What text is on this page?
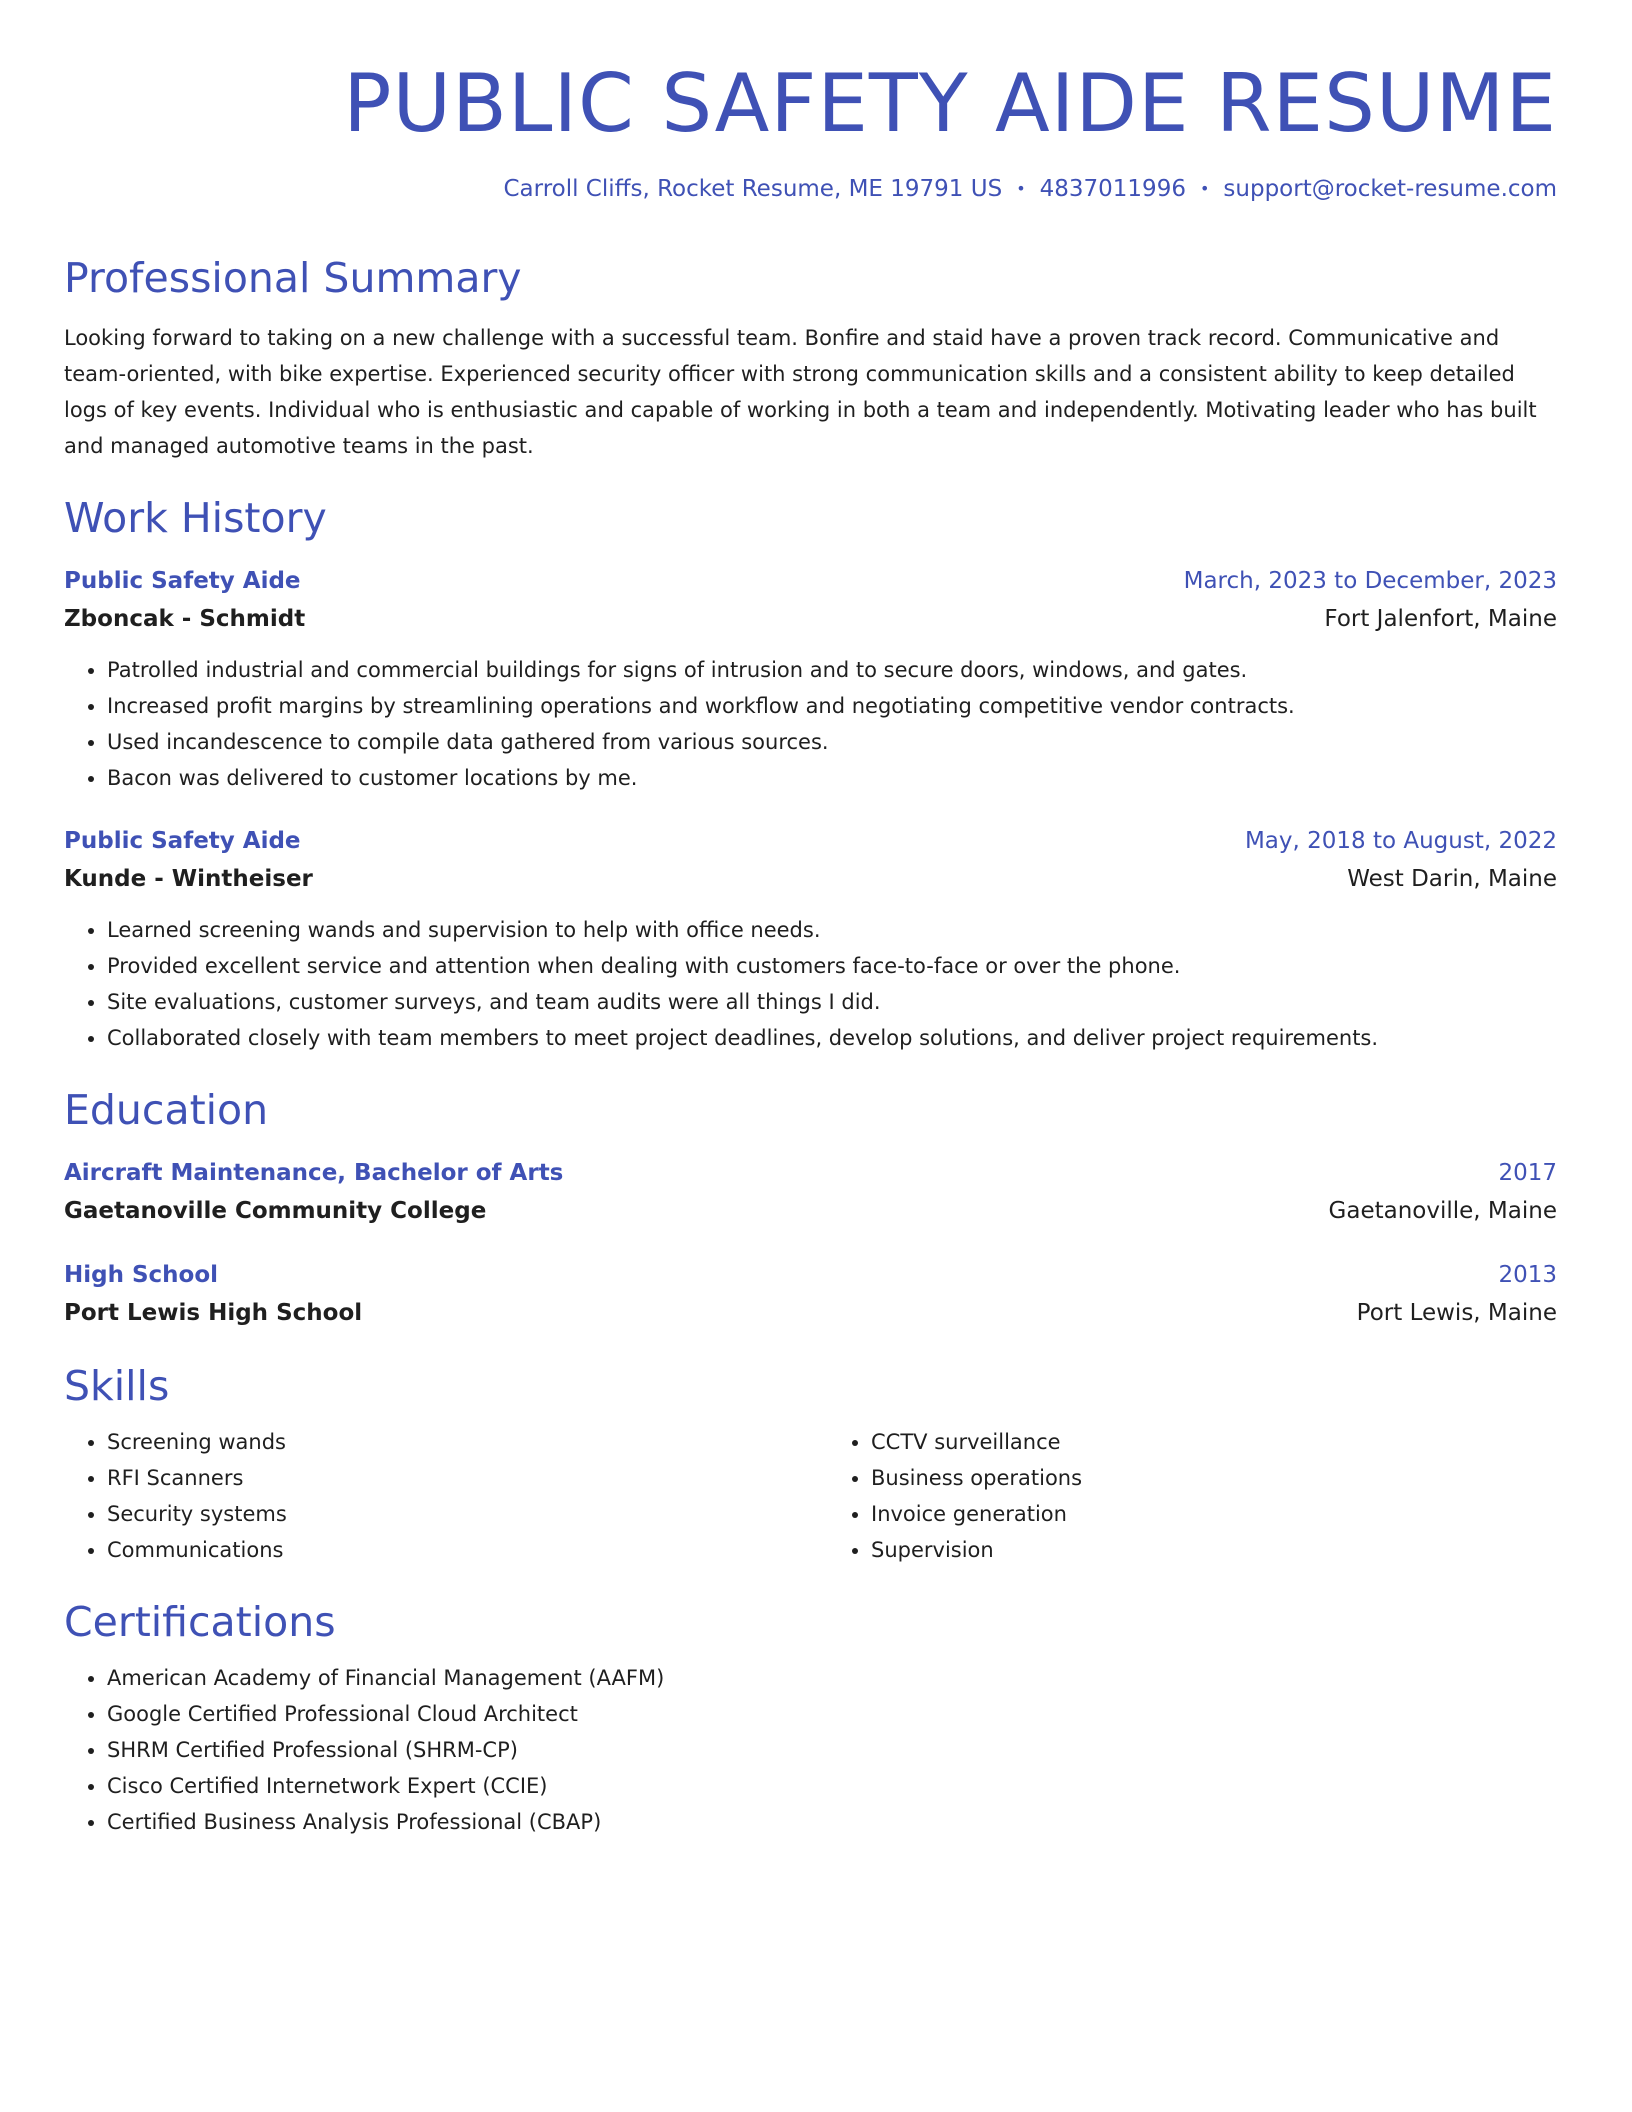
PUBLIC SAFETY AIDE RESUME
Carroll Cliffs, Rocket Resume, ME 19791 US • 4837011996 • support@rocket-resume.com
Professional Summary

Looking forward to taking on a new challenge with a successful team. Bonfire and staid have a proven track record. Communicative and team-oriented, with bike expertise. Experienced security officer with strong communication skills and a consistent ability to keep detailed logs of key events. Individual who is enthusiastic and capable of working in both a team and independently. Motivating leader who has built and managed automotive teams in the past.

Work History
Public Safety Aide	March, 2023 to December, 2023
Zboncak - Schmidt	Fort Jalenfort, Maine
• Patrolled industrial and commercial buildings for signs of intrusion and to secure doors, windows, and gates.
• Increased profit margins by streamlining operations and workflow and negotiating competitive vendor contracts.
• Used incandescence to compile data gathered from various sources.
• Bacon was delivered to customer locations by me.
Public Safety Aide	May, 2018 to August, 2022
Kunde - Wintheiser	West Darin, Maine
• Learned screening wands and supervision to help with office needs.
• Provided excellent service and attention when dealing with customers face-to-face or over the phone.
• Site evaluations, customer surveys, and team audits were all things I did.
• Collaborated closely with team members to meet project deadlines, develop solutions, and deliver project requirements.
Education
Aircraft Maintenance, Bachelor of Arts	2017
Gaetanoville Community College	Gaetanoville, Maine
High School	2013
Port Lewis High School	Port Lewis, Maine
Skills
• Screening wands
• RFI Scanners
• Security systems
• Communications
• CCTV surveillance
• Business operations
• Invoice generation
• Supervision
Certifications
• American Academy of Financial Management (AAFM)
• Google Certified Professional Cloud Architect
• SHRM Certified Professional (SHRM-CP)
• Cisco Certified Internetwork Expert (CCIE)
• Certified Business Analysis Professional (CBAP)
